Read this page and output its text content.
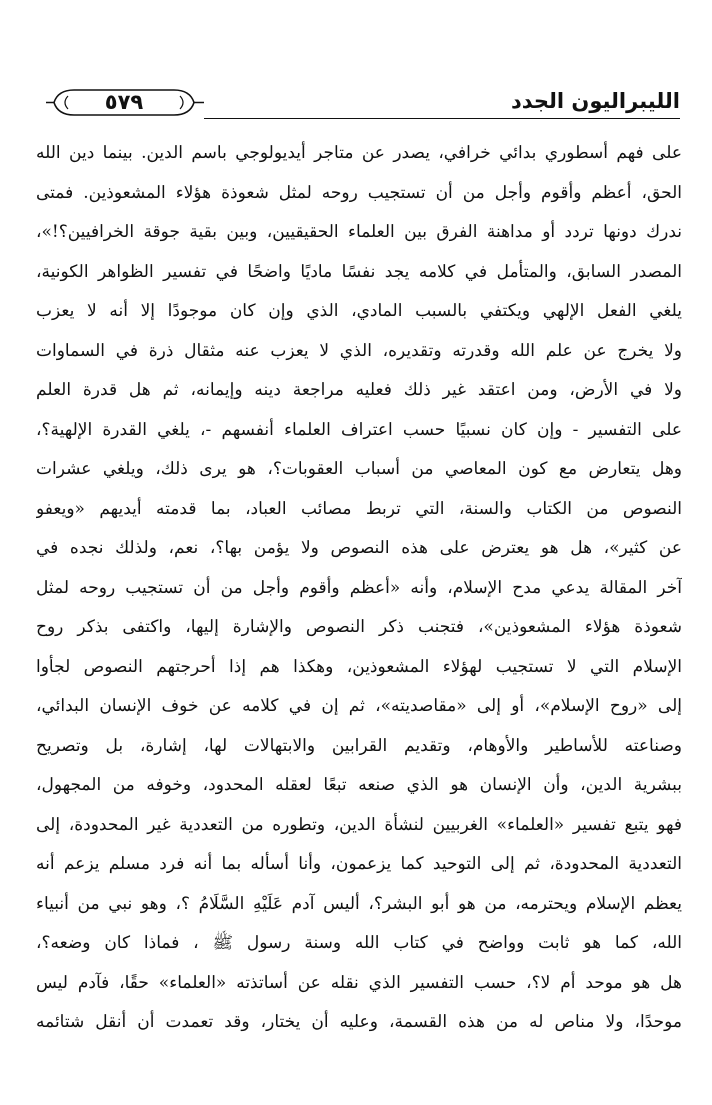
٥٧٩	الليبراليون الجدد
على فهم أسطوري بدائي خرافي، يصدر عن متاجر أيديولوجي باسم الدين. بينما دين الله
الحق، أعظم وأقوم وأجل من أن تستجيب روحه لمثل شعوذة هؤلاء المشعوذين. فمتى
ندرك دونها تردد أو مداهنة الفرق بين العلماء الحقيقيين، وبين بقية جوقة الخرافيين؟!»،
المصدر السابق، والمتأمل في كلامه يجد نفسًا ماديًا واضحًا في تفسير الظواهر الكونية،
يلغي الفعل الإلهي ويكتفي بالسبب المادي، الذي وإن كان موجودًا إلا أنه لا يعزب
ولا يخرج عن علم الله وقدرته وتقديره، الذي لا يعزب عنه مثقال ذرة في السماوات
ولا في الأرض، ومن اعتقد غير ذلك فعليه مراجعة دينه وإيمانه، ثم هل قدرة العلم
على التفسير - وإن كان نسبيًا حسب اعتراف العلماء أنفسهم -، يلغي القدرة الإلهية؟،
وهل يتعارض مع كون المعاصي من أسباب العقوبات؟، هو يرى ذلك، ويلغي عشرات
النصوص من الكتاب والسنة، التي تربط مصائب العباد، بما قدمته أيديهم «ويعفو
عن كثير»، هل هو يعترض على هذه النصوص ولا يؤمن بها؟، نعم، ولذلك نجده في
آخر المقالة يدعي مدح الإسلام، وأنه «أعظم وأقوم وأجل من أن تستجيب روحه لمثل
شعوذة هؤلاء المشعوذين»، فتجنب ذكر النصوص والإشارة إليها، واكتفى بذكر روح
الإسلام التي لا تستجيب لهؤلاء المشعوذين، وهكذا هم إذا أحرجتهم النصوص لجأوا
إلى «روح الإسلام»، أو إلى «مقاصديته»، ثم إن في كلامه عن خوف الإنسان البدائي،
وصناعته للأساطير والأوهام، وتقديم القرابين والابتهالات لها، إشارة، بل وتصريح
ببشرية الدين، وأن الإنسان هو الذي صنعه تبعًا لعقله المحدود، وخوفه من المجهول،
فهو يتبع تفسير «العلماء» الغربيين لنشأة الدين، وتطوره من التعددية غير المحدودة، إلى
التعددية المحدودة، ثم إلى التوحيد كما يزعمون، وأنا أسأله بما أنه فرد مسلم يزعم أنه
يعظم الإسلام ويحترمه، من هو أبو البشر؟، أليس آدم عَلَيْهِ السَّلَامُ ؟، وهو نبي من أنبياء
الله، كما هو ثابت وواضح في كتاب الله وسنة رسول ﷺ ، فماذا كان وضعه؟،
هل هو موحد أم لا؟، حسب التفسير الذي نقله عن أساتذته «العلماء» حقًا، فآدم ليس
موحدًا، ولا مناص له من هذه القسمة، وعليه أن يختار، وقد تعمدت أن أنقل شتائمه
